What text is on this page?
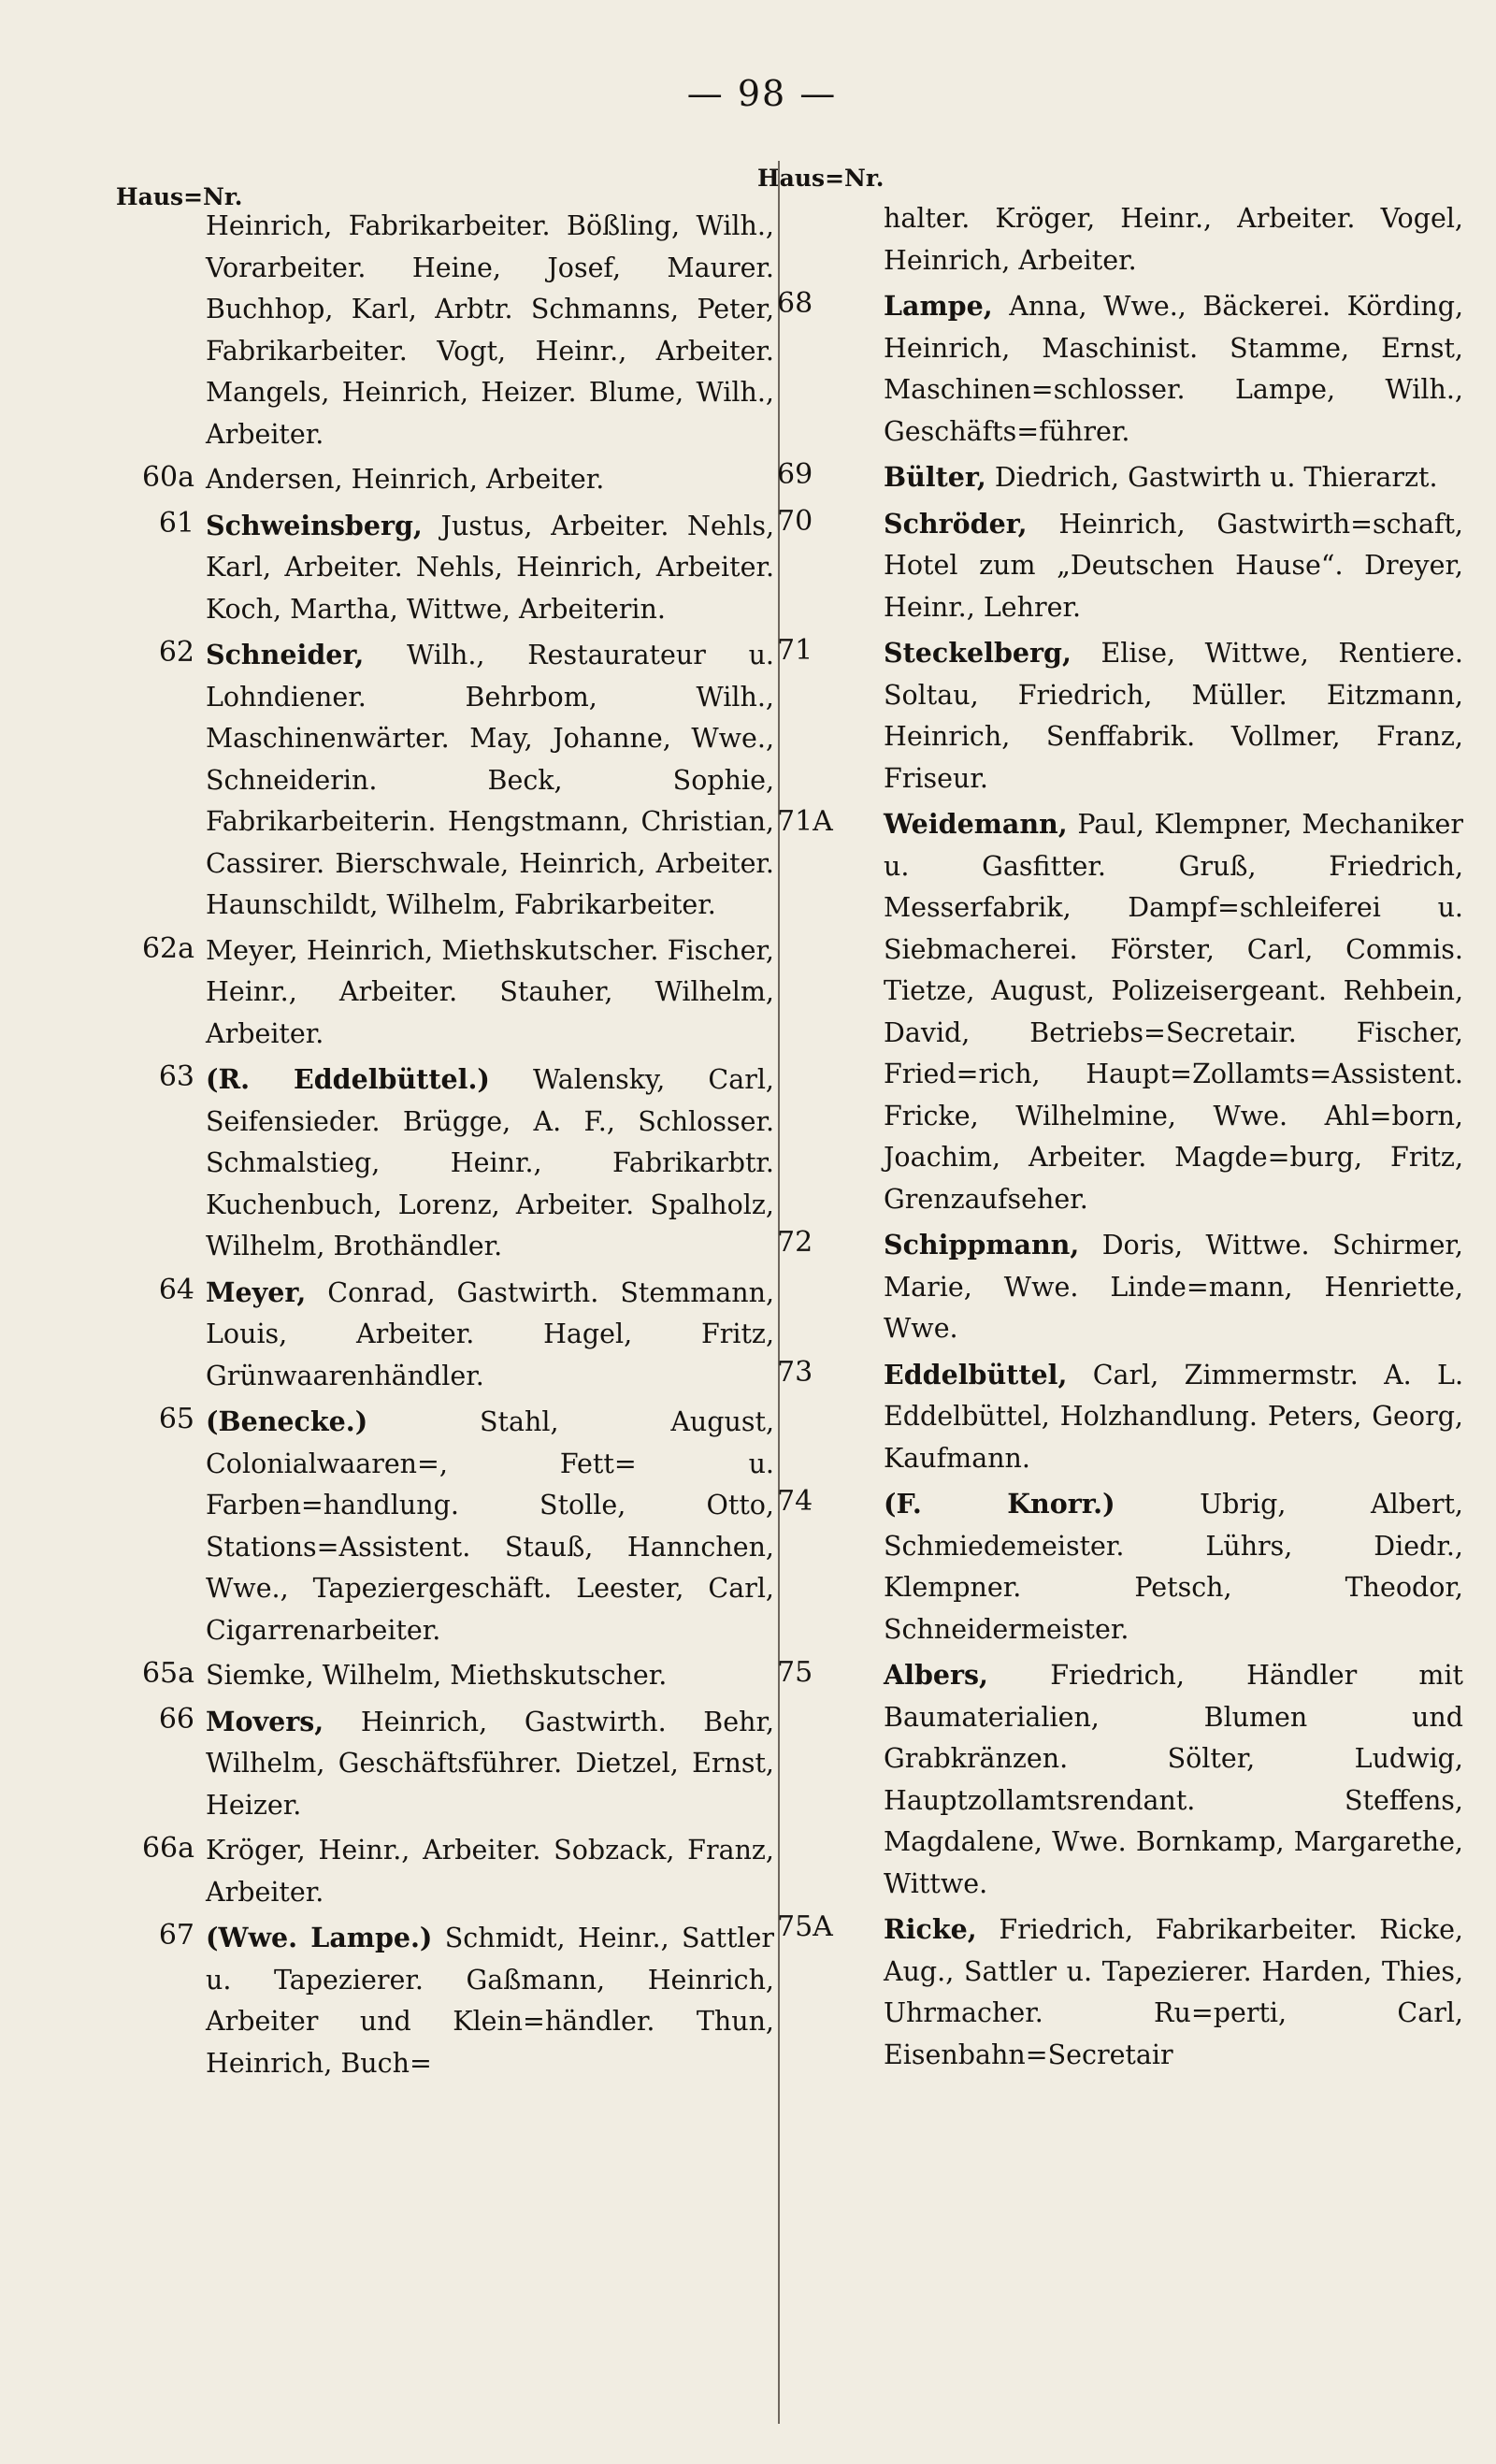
— 98 —
Haus=Nr.
Haus=Nr.
Heinrich, Fabrikarbeiter. Bößling, Wilh., Vorarbeiter. Heine, Josef, Maurer. Buchhop, Karl, Arbtr. Schmanns, Peter, Fabrikarbeiter. Vogt, Heinr., Arbeiter. Mangels, Heinrich, Heizer. Blume, Wilh., Arbeiter.
60a Andersen, Heinrich, Arbeiter.
61 Schweinsberg, Justus, Arbeiter. Nehls, Karl, Arbeiter. Nehls, Heinrich, Arbeiter. Koch, Martha, Wittwe, Arbeiterin.
62 Schneider, Wilh., Restaurateur u. Lohndiener. Behrbom, Wilh., Maschinenwärter. May, Johanne, Wwe., Schneiderin. Beck, Sophie, Fabrikarbeiterin. Hengstmann, Christian, Cassirer. Bierschwale, Heinrich, Arbeiter. Haunschildt, Wilhelm, Fabrikarbeiter.
62a Meyer, Heinrich, Miethskutscher. Fischer, Heinr., Arbeiter. Stauher, Wilhelm, Arbeiter.
63 (R. Eddelbüttel.) Walensky, Carl, Seifensieder. Brügge, A. F., Schlosser. Schmalstieg, Heinr., Fabrikarbtr. Kuchenbuch, Lorenz, Arbeiter. Spalholz, Wilhelm, Brothändler.
64 Meyer, Conrad, Gastwirth. Stemmann, Louis, Arbeiter. Hagel, Fritz, Grünwaarenhändler.
65 (Benecke.)	Stahl, August, Colonialwaaren=, Fett= u. Farben=handlung. Stolle, Otto, Stations=Assistent. Stauß, Hannchen, Wwe., Tapeziergeschäft. Leester, Carl, Cigarrenarbeiter.
65a Siemke, Wilhelm, Miethskutscher.
66 Movers, Heinrich, Gastwirth. Behr, Wilhelm, Geschäftsführer. Dietzel, Ernst, Heizer.
66a Kröger, Heinr., Arbeiter. Sobzack, Franz, Arbeiter.
67 (Wwe. Lampe.) Schmidt, Heinr., Sattler u. Tapezierer. Gaßmann, Heinrich, Arbeiter und Klein=händler. Thun, Heinrich, Buch=
halter. Kröger, Heinr., Arbeiter. Vogel, Heinrich, Arbeiter.
68	Lampe, Anna, Wwe., Bäckerei. Körding, Heinrich, Maschinist. Stamme, Ernst, Maschinen=schlosser. Lampe, Wilh., Geschäfts=führer.
69	Bülter, Diedrich, Gastwirth u. Thierarzt.
70	Schröder, Heinrich, Gastwirth=schaft, Hotel zum „Deutschen Hause“. Dreyer, Heinr., Lehrer.
71	Steckelberg, Elise, Wittwe, Rentiere. Soltau, Friedrich, Müller. Eitzmann, Heinrich, Senffabrik. Vollmer, Franz, Friseur.
71A	Weidemann, Paul, Klempner, Mechaniker u. Gasfitter. Gruß, Friedrich, Messerfabrik, Dampf=schleiferei u. Siebmacherei. Förster, Carl, Commis. Tietze, August, Polizeisergeant. Rehbein, David, Betriebs=Secretair. Fischer, Fried=rich, Haupt=Zollamts=Assistent. Fricke, Wilhelmine, Wwe. Ahl=born, Joachim, Arbeiter. Magde=burg, Fritz, Grenzaufseher.
72	Schippmann, Doris, Wittwe. Schirmer, Marie, Wwe. Linde=mann, Henriette, Wwe.
73	Eddelbüttel, Carl, Zimmermstr. A. L. Eddelbüttel, Holzhandlung. Peters, Georg, Kaufmann.
74	(F. Knorr.)	Ubrig, Albert, Schmiedemeister. Lührs, Diedr., Klempner. Petsch, Theodor, Schneidermeister.
75	Albers, Friedrich, Händler mit Baumaterialien, Blumen und Grabkränzen. Sölter, Ludwig, Hauptzollamtsrendant. Steffens, Magdalene, Wwe. Bornkamp, Margarethe, Wittwe.
75A	Ricke, Friedrich, Fabrikarbeiter. Ricke, Aug., Sattler u. Tapezierer. Harden, Thies, Uhrmacher. Ru=perti, Carl, Eisenbahn=Secretair
